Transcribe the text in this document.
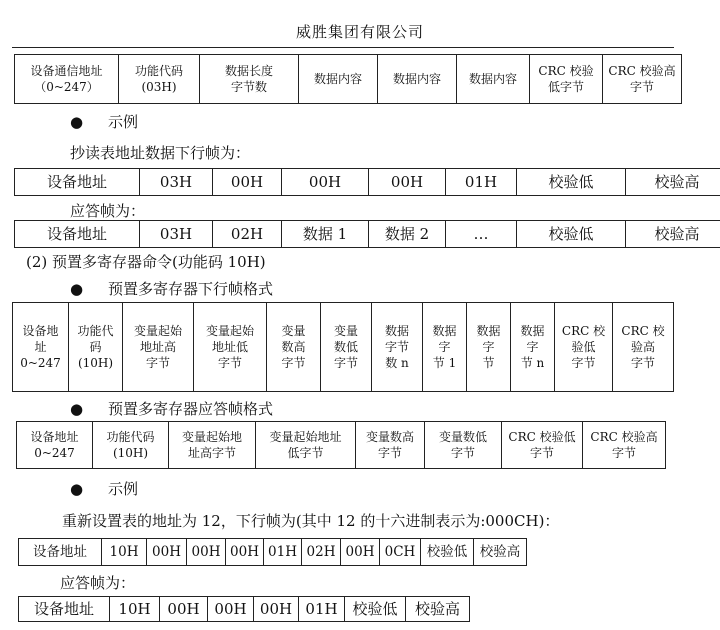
威胜集团有限公司
设备通信地址
（0~247）

功能代码
(03H)

数据长度
字节数
	数据内容	数据内容	数据内容	
CRC 校验
低字节

CRC 校验高
字节
● 示例
抄读表地址数据下行帧为：
设备地址	03H	00H	00H	00H	01H	校验低	校验高
应答帧为：
设备地址	03H	02H	数据 1	数据 2	…	校验低	校验高
(2) 预置多寄存器命令(功能码 10H)
● 预置多寄存器下行帧格式
设备地
址
0~247

功能代
码
(10H)

变量起始
地址高
字节

变量起始
地址低
字节

变量
数高
字节

变量
数低
字节

数据
字节
数 n

数据
字
节 1

数据
字
节

数据
字
节 n

CRC 校
验低
字节

CRC 校
验高
字节
● 预置多寄存器应答帧格式
设备地址
0~247

功能代码
(10H)

变量起始地
址高字节

变量起始地址
低字节

变量数高
字节

变量数低
字节

CRC 校验低
字节

CRC 校验高
字节
● 示例
重新设置表的地址为 12，下行帧为(其中 12 的十六进制表示为:000CH)：
设备地址	10H	00H	00H	00H	01H	02H	00H	0CH	校验低	校验高
应答帧为：
设备地址	10H	00H	00H	00H	01H	校验低	校验高
